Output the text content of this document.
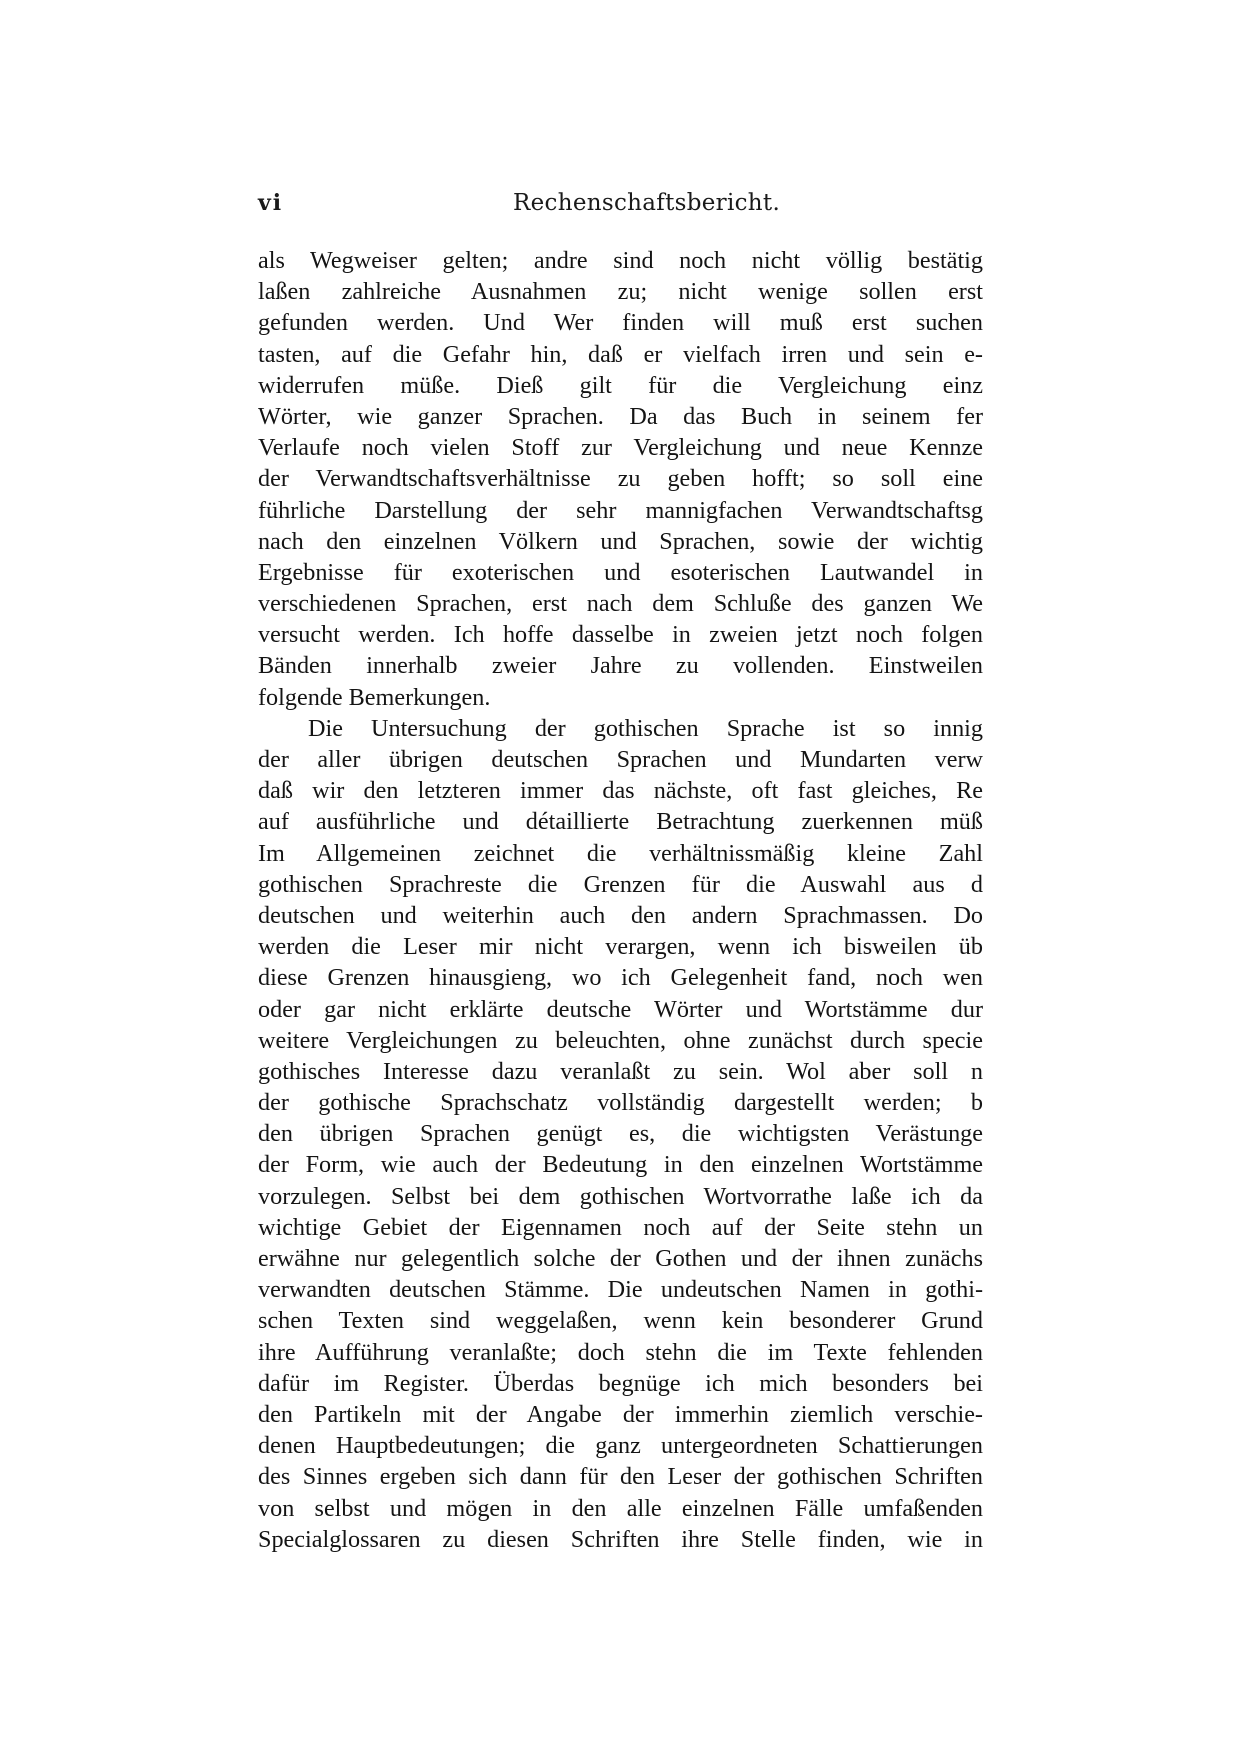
vi	Rechenschaftsbericht.
als Wegweiser gelten; andre sind noch nicht völlig bestätig
laßen zahlreiche Ausnahmen zu; nicht wenige sollen erst
gefunden werden. Und Wer finden will muß erst suchen
tasten, auf die Gefahr hin, daß er vielfach irren und sein e-
widerrufen müße. Dieß gilt für die Vergleichung einz
Wörter, wie ganzer Sprachen. Da das Buch in seinem fer
Verlaufe noch vielen Stoff zur Vergleichung und neue Kennze
der Verwandtschaftsverhältnisse zu geben hofft; so soll eine
führliche Darstellung der sehr mannigfachen Verwandtschaftsg
nach den einzelnen Völkern und Sprachen, sowie der wichtig
Ergebnisse für exoterischen und esoterischen Lautwandel in
verschiedenen Sprachen, erst nach dem Schluße des ganzen We
versucht werden. Ich hoffe dasselbe in zweien jetzt noch folgen
Bänden innerhalb zweier Jahre zu vollenden. Einstweilen
folgende Bemerkungen.
Die Untersuchung der gothischen Sprache ist so innig
der aller übrigen deutschen Sprachen und Mundarten verw
daß wir den letzteren immer das nächste, oft fast gleiches, Re
auf ausführliche und détaillierte Betrachtung zuerkennen müß
Im Allgemeinen zeichnet die verhältnissmäßig kleine Zahl
gothischen Sprachreste die Grenzen für die Auswahl aus d
deutschen und weiterhin auch den andern Sprachmassen. Do
werden die Leser mir nicht verargen, wenn ich bisweilen üb
diese Grenzen hinausgieng, wo ich Gelegenheit fand, noch wen
oder gar nicht erklärte deutsche Wörter und Wortstämme dur
weitere Vergleichungen zu beleuchten, ohne zunächst durch specie
gothisches Interesse dazu veranlaßt zu sein. Wol aber soll n
der gothische Sprachschatz vollständig dargestellt werden; b
den übrigen Sprachen genügt es, die wichtigsten Verästunge
der Form, wie auch der Bedeutung in den einzelnen Wortstämme
vorzulegen. Selbst bei dem gothischen Wortvorrathe laße ich da
wichtige Gebiet der Eigennamen noch auf der Seite stehn un
erwähne nur gelegentlich solche der Gothen und der ihnen zunächs
verwandten deutschen Stämme. Die undeutschen Namen in gothi-
schen Texten sind weggelaßen, wenn kein besonderer Grund
ihre Aufführung veranlaßte; doch stehn die im Texte fehlenden
dafür im Register. Überdas begnüge ich mich besonders bei
den Partikeln mit der Angabe der immerhin ziemlich verschie-
denen Hauptbedeutungen; die ganz untergeordneten Schattierungen
des Sinnes ergeben sich dann für den Leser der gothischen Schriften
von selbst und mögen in den alle einzelnen Fälle umfaßenden
Specialglossaren zu diesen Schriften ihre Stelle finden, wie in
